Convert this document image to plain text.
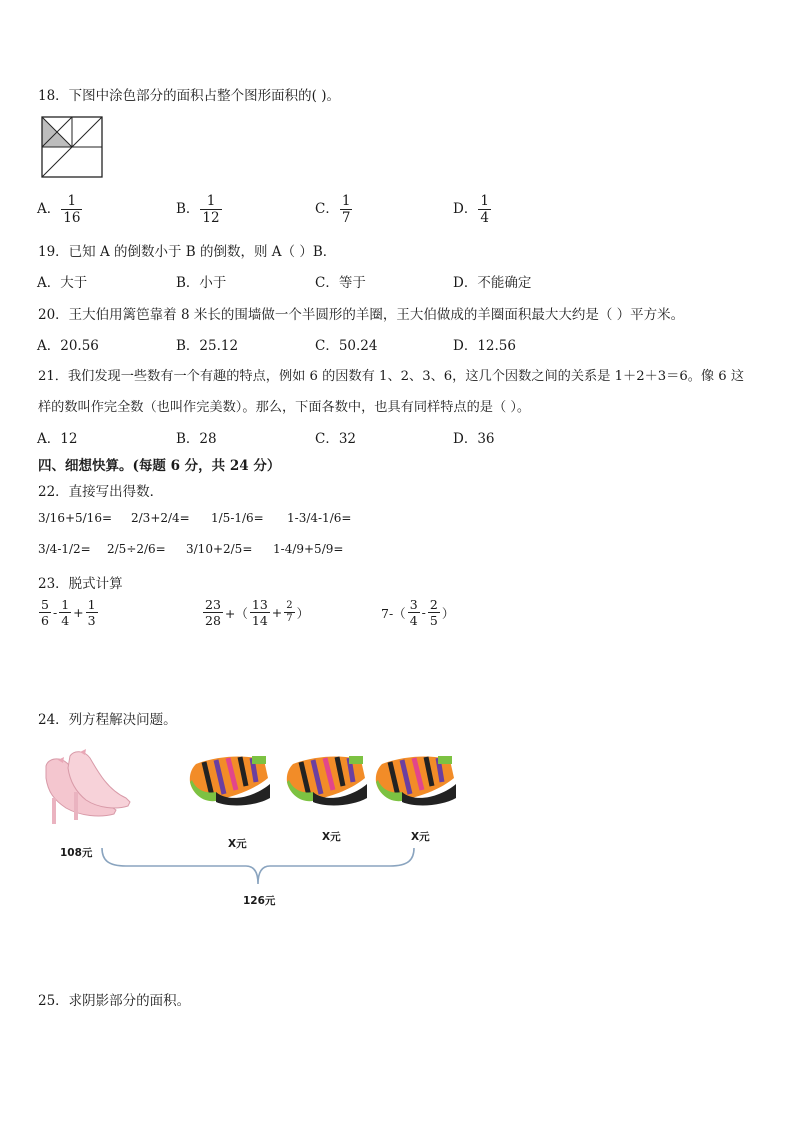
18．下图中涂色部分的面积占整个图形面积的( )。
A． $\frac{1}{16}$	B． $\frac{1}{12}$	C． $\frac{1}{7}$	D． $\frac{1}{4}$
19．已知 A 的倒数小于 B 的倒数，则 A（ ）B．
A．大于	B．小于	C．等于	D．不能确定
20．王大伯用篱笆靠着 8 米长的围墙做一个半圆形的羊圈，王大伯做成的羊圈面积最大大约是（ ）平方米。
A．20.56	B．25.12	C．50.24	D．12.56
21．我们发现一些数有一个有趣的特点，例如 6 的因数有 1、2、3、6，这几个因数之间的关系是 1＋2＋3＝6。像 6 这
样的数叫作完全数（也叫作完美数）。那么，下面各数中，也具有同样特点的是（ ）。
A．12	B．28	C．32	D．36
四、细想快算。(每题 6 分，共 24 分）
22．直接写出得数．
3/16+5/16= 2/3+2/4= 1/5-1/6= 1-3/4-1/6=
3/4-1/2= 2/5÷2/6= 3/10+2/5= 1-4/9+5/9=
23．脱式计算
$\frac{5}{6} - \frac{1}{4} + \frac{1}{3}$	$\frac{23}{28}$ +（ $\frac{13}{14} + \frac{2}{7}$ ）	$7-( \frac{3}{4} - \frac{2}{5}$ ）
24．列方程解决问题。
108元
X元
X元	X元
126元
25．求阴影部分的面积。
